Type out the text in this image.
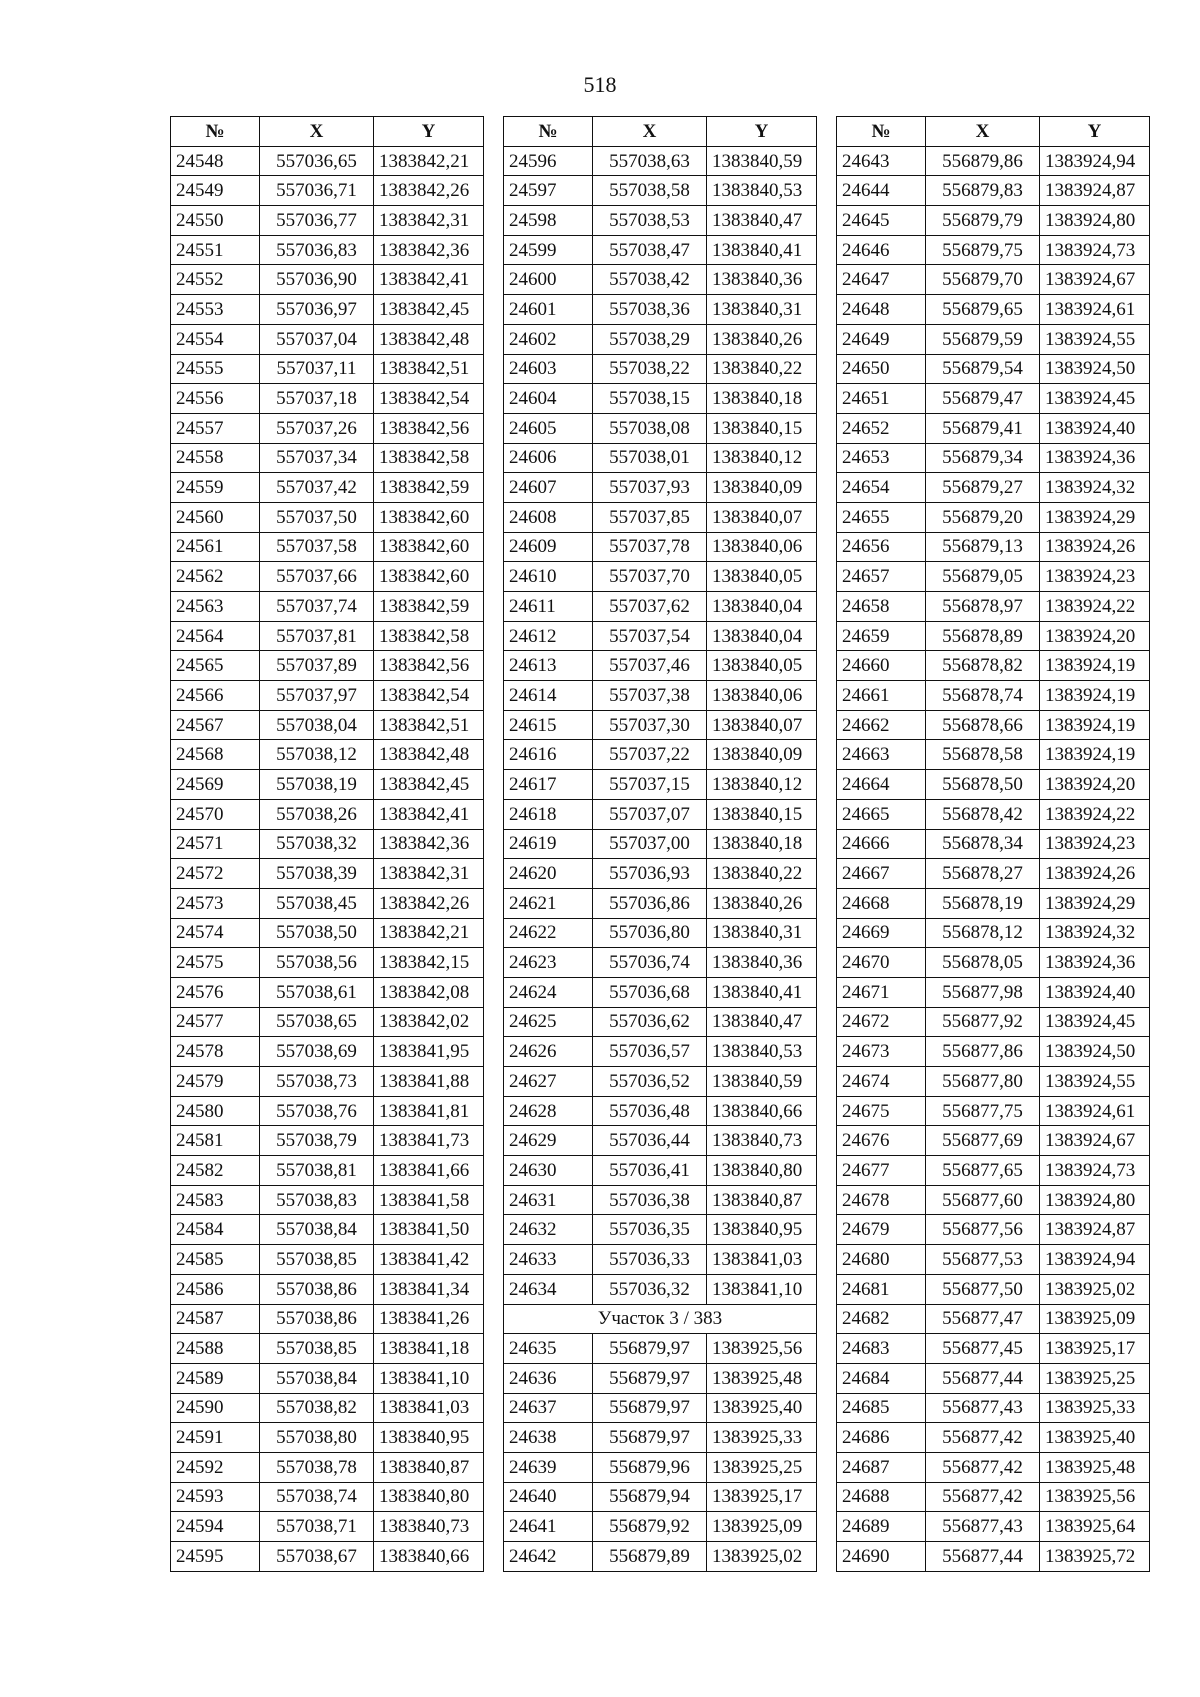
518
№	X	Y
24548	557036,65	1383842,21
24549	557036,71	1383842,26
24550	557036,77	1383842,31
24551	557036,83	1383842,36
24552	557036,90	1383842,41
24553	557036,97	1383842,45
24554	557037,04	1383842,48
24555	557037,11	1383842,51
24556	557037,18	1383842,54
24557	557037,26	1383842,56
24558	557037,34	1383842,58
24559	557037,42	1383842,59
24560	557037,50	1383842,60
24561	557037,58	1383842,60
24562	557037,66	1383842,60
24563	557037,74	1383842,59
24564	557037,81	1383842,58
24565	557037,89	1383842,56
24566	557037,97	1383842,54
24567	557038,04	1383842,51
24568	557038,12	1383842,48
24569	557038,19	1383842,45
24570	557038,26	1383842,41
24571	557038,32	1383842,36
24572	557038,39	1383842,31
24573	557038,45	1383842,26
24574	557038,50	1383842,21
24575	557038,56	1383842,15
24576	557038,61	1383842,08
24577	557038,65	1383842,02
24578	557038,69	1383841,95
24579	557038,73	1383841,88
24580	557038,76	1383841,81
24581	557038,79	1383841,73
24582	557038,81	1383841,66
24583	557038,83	1383841,58
24584	557038,84	1383841,50
24585	557038,85	1383841,42
24586	557038,86	1383841,34
24587	557038,86	1383841,26
24588	557038,85	1383841,18
24589	557038,84	1383841,10
24590	557038,82	1383841,03
24591	557038,80	1383840,95
24592	557038,78	1383840,87
24593	557038,74	1383840,80
24594	557038,71	1383840,73
24595	557038,67	1383840,66
№	X	Y
24596	557038,63	1383840,59
24597	557038,58	1383840,53
24598	557038,53	1383840,47
24599	557038,47	1383840,41
24600	557038,42	1383840,36
24601	557038,36	1383840,31
24602	557038,29	1383840,26
24603	557038,22	1383840,22
24604	557038,15	1383840,18
24605	557038,08	1383840,15
24606	557038,01	1383840,12
24607	557037,93	1383840,09
24608	557037,85	1383840,07
24609	557037,78	1383840,06
24610	557037,70	1383840,05
24611	557037,62	1383840,04
24612	557037,54	1383840,04
24613	557037,46	1383840,05
24614	557037,38	1383840,06
24615	557037,30	1383840,07
24616	557037,22	1383840,09
24617	557037,15	1383840,12
24618	557037,07	1383840,15
24619	557037,00	1383840,18
24620	557036,93	1383840,22
24621	557036,86	1383840,26
24622	557036,80	1383840,31
24623	557036,74	1383840,36
24624	557036,68	1383840,41
24625	557036,62	1383840,47
24626	557036,57	1383840,53
24627	557036,52	1383840,59
24628	557036,48	1383840,66
24629	557036,44	1383840,73
24630	557036,41	1383840,80
24631	557036,38	1383840,87
24632	557036,35	1383840,95
24633	557036,33	1383841,03
24634	557036,32	1383841,10
Участок 3 / 383		
24635	556879,97	1383925,56
24636	556879,97	1383925,48
24637	556879,97	1383925,40
24638	556879,97	1383925,33
24639	556879,96	1383925,25
24640	556879,94	1383925,17
24641	556879,92	1383925,09
24642	556879,89	1383925,02
№	X	Y
24643	556879,86	1383924,94
24644	556879,83	1383924,87
24645	556879,79	1383924,80
24646	556879,75	1383924,73
24647	556879,70	1383924,67
24648	556879,65	1383924,61
24649	556879,59	1383924,55
24650	556879,54	1383924,50
24651	556879,47	1383924,45
24652	556879,41	1383924,40
24653	556879,34	1383924,36
24654	556879,27	1383924,32
24655	556879,20	1383924,29
24656	556879,13	1383924,26
24657	556879,05	1383924,23
24658	556878,97	1383924,22
24659	556878,89	1383924,20
24660	556878,82	1383924,19
24661	556878,74	1383924,19
24662	556878,66	1383924,19
24663	556878,58	1383924,19
24664	556878,50	1383924,20
24665	556878,42	1383924,22
24666	556878,34	1383924,23
24667	556878,27	1383924,26
24668	556878,19	1383924,29
24669	556878,12	1383924,32
24670	556878,05	1383924,36
24671	556877,98	1383924,40
24672	556877,92	1383924,45
24673	556877,86	1383924,50
24674	556877,80	1383924,55
24675	556877,75	1383924,61
24676	556877,69	1383924,67
24677	556877,65	1383924,73
24678	556877,60	1383924,80
24679	556877,56	1383924,87
24680	556877,53	1383924,94
24681	556877,50	1383925,02
24682	556877,47	1383925,09
24683	556877,45	1383925,17
24684	556877,44	1383925,25
24685	556877,43	1383925,33
24686	556877,42	1383925,40
24687	556877,42	1383925,48
24688	556877,42	1383925,56
24689	556877,43	1383925,64
24690	556877,44	1383925,72
